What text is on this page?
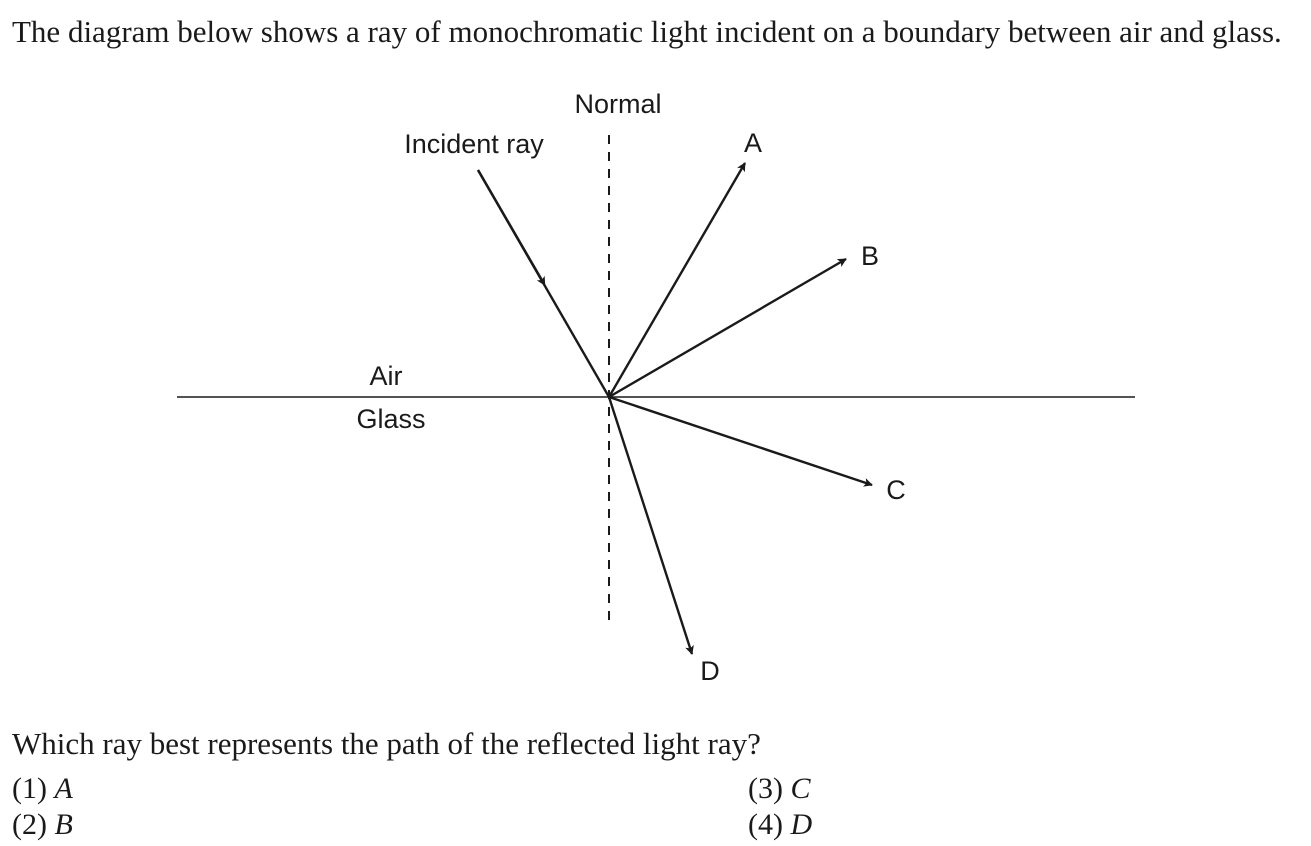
The diagram below shows a ray of monochromatic light incident on a boundary between air and glass.
Normal
Incident ray	A
B
C
D
Air
Glass
Which ray best represents the path of the reflected light ray?
(1) A
(2) B
(3) C
(4) D
